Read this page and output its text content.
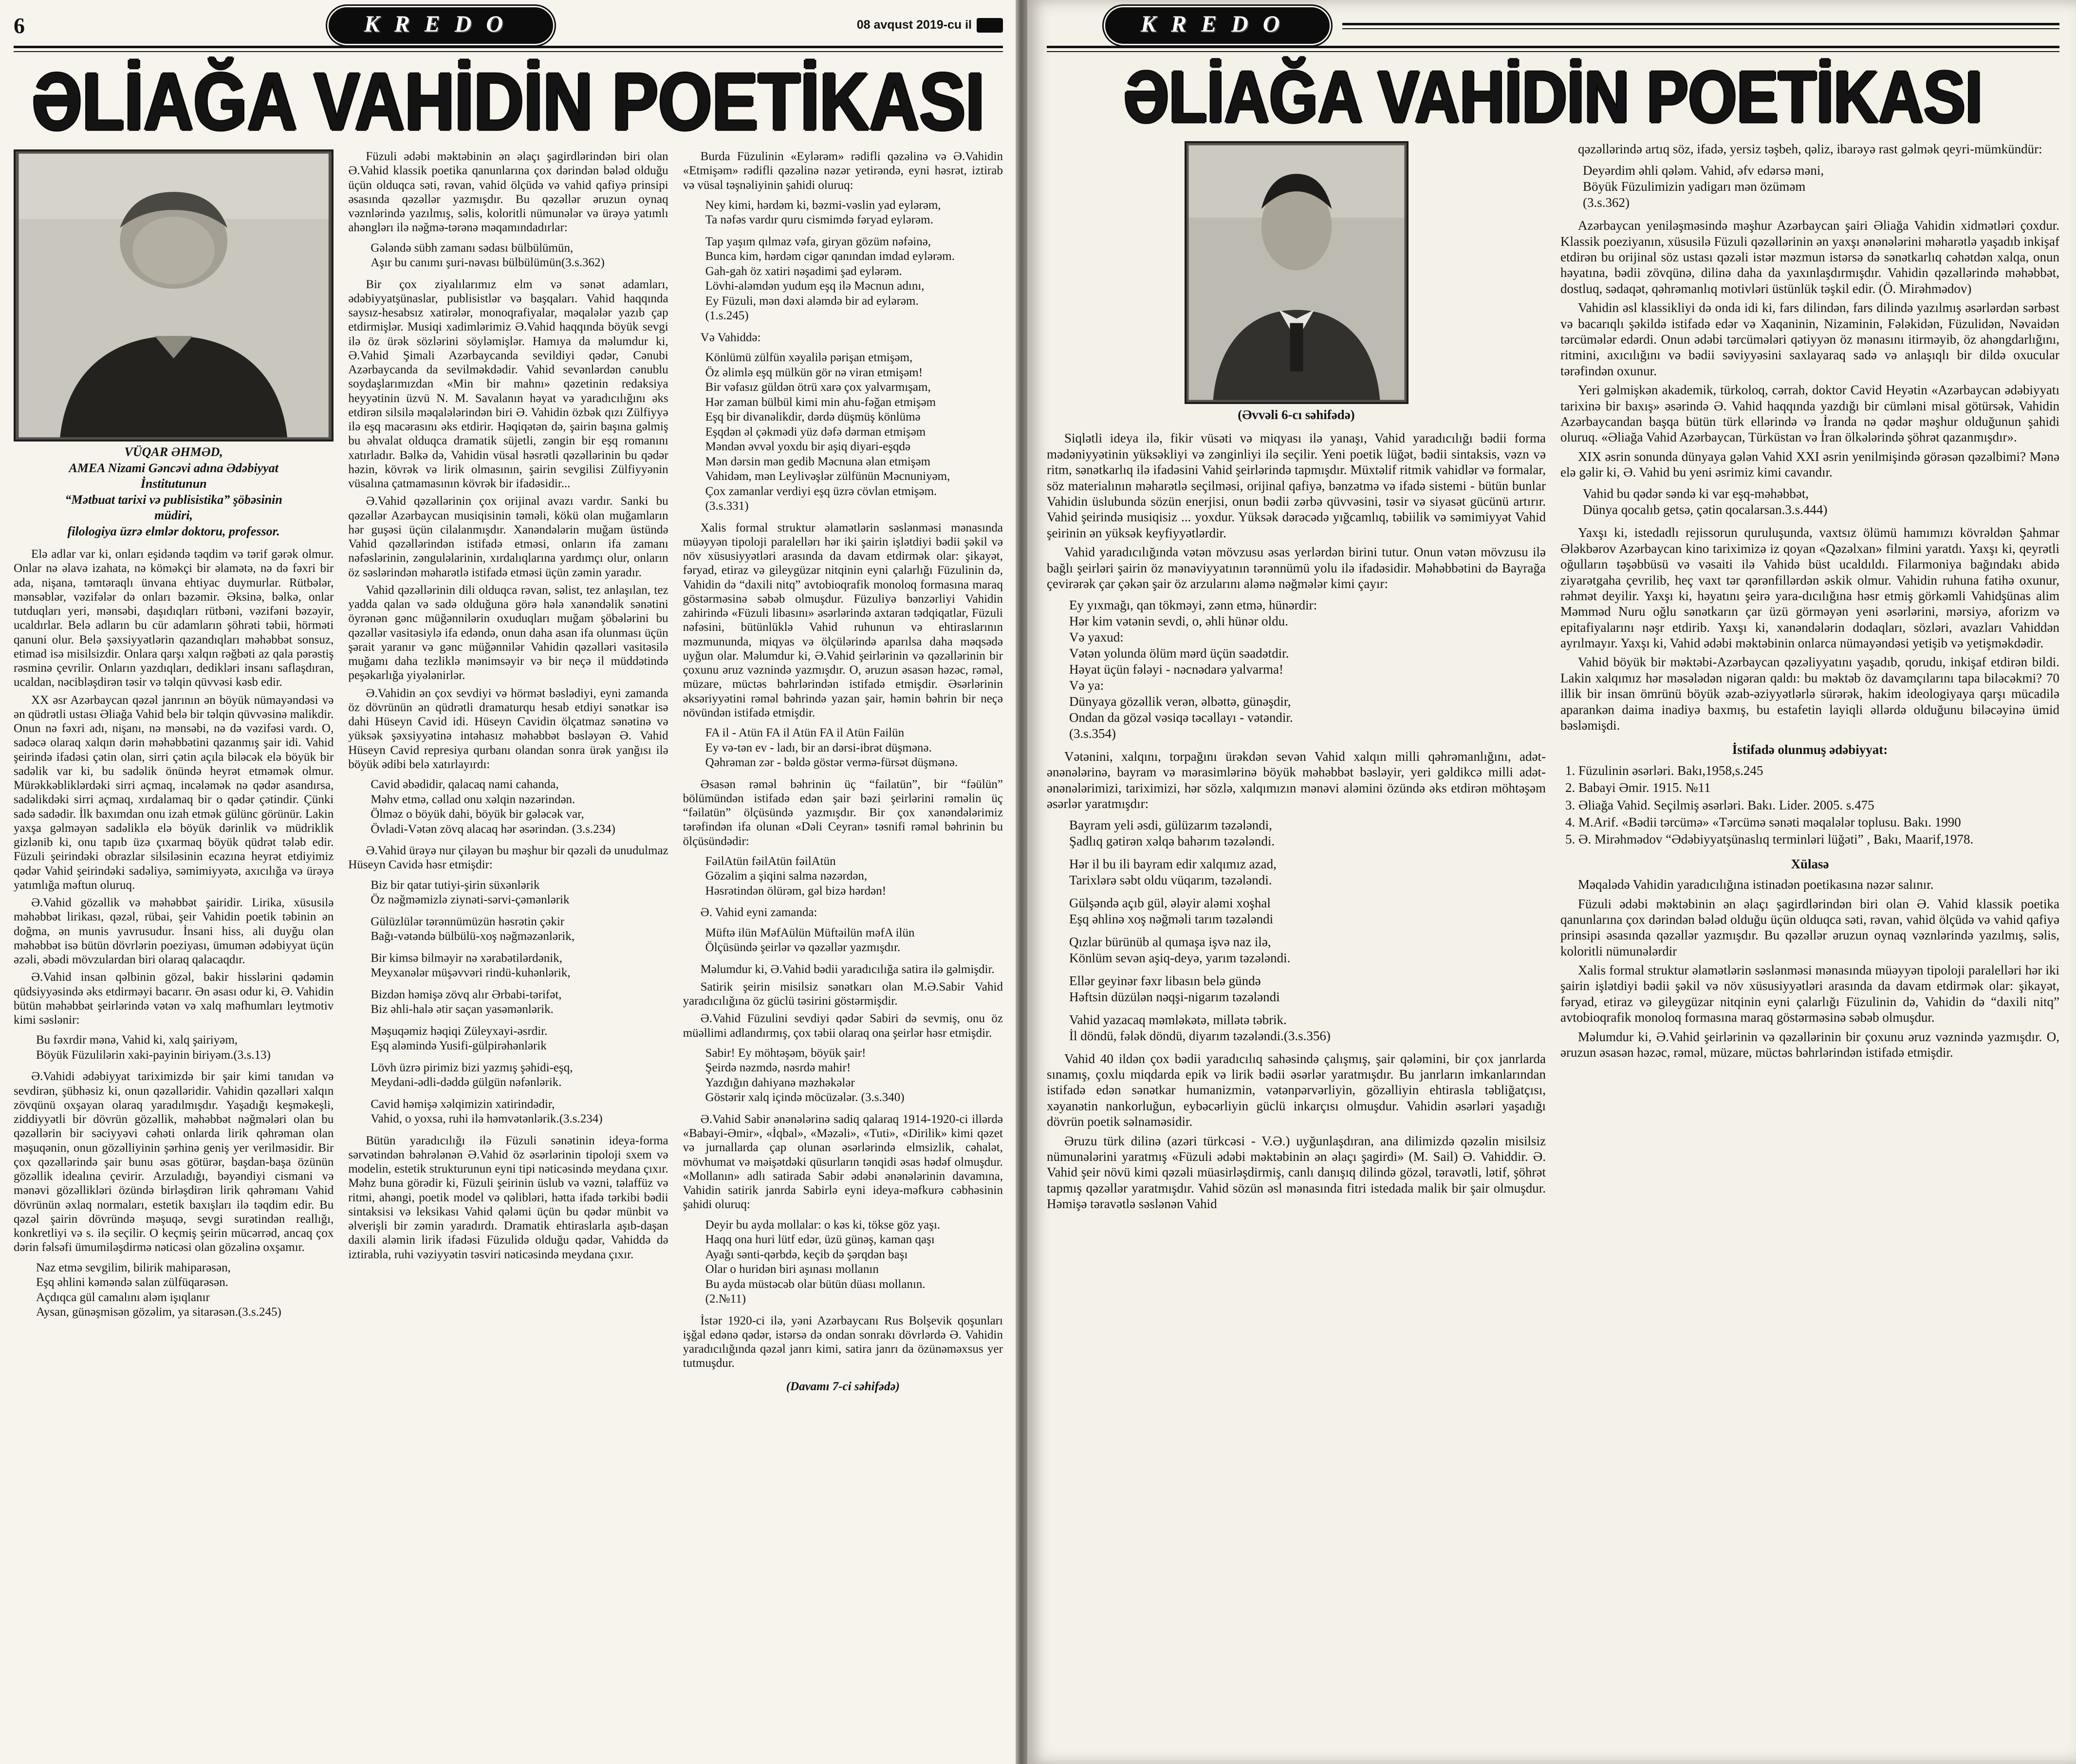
6	KREDO	08 avqust 2019-cu il
ƏLİAĞA VAHİDİN POETİKASI
VÜQAR ƏHMƏD,
AMEA Nizami Gəncəvi adına Ədəbiyyat
İnstitutunun
“Mətbuat tarixi və publisistika” şöbəsinin
müdiri,
filologiya üzrə elmlər doktoru, professor.

Elə adlar var ki, onları eşidəndə təqdim və tərif gərək olmur. Onlar nə əlavə izahata, nə köməkçi bir əlamətə, nə də fəxri bir ada, nişana, təmtəraqlı ünvana ehtiyac duymurlar. Rütbələr, mənsəblər, vəzifələr də onları bəzəmir. Əksinə, bəlkə, onlar tutduqları yeri, mənsəbi, daşıdıqları rütbəni, vəzifəni bəzəyir, ucaldırlar. Belə adların bu cür adamların şöhrəti təbii, hörməti qanuni olur. Belə şəxsiyyətlərin qazandıqları məhəbbət sonsuz, etimad isə misilsizdir. Onlara qarşı xalqın rəğbəti az qala pərəstiş rəsminə çevrilir. Onların yazdıqları, dedikləri insanı saflaşdıran, ucaldan, nəcibləşdirən təsir və təlqin qüvvəsi kəsb edir.

XX əsr Azərbaycan qəzəl janrının ən böyük nümayəndəsi və ən qüdrətli ustası Əliağa Vahid belə bir təlqin qüvvəsinə malikdir. Onun nə fəxri adı, nişanı, nə mənsəbi, nə də vəzifəsi vardı. O, sadəcə olaraq xalqın dərin məhəbbətini qazanmış şair idi. Vahid şeirində ifadəsi çətin olan, sirri çətin açıla biləcək elə böyük bir sadəlik var ki, bu sadəlik önündə heyrət etməmək olmur. Mürəkkəbliklərdəki sirri açmaq, incələmək nə qədər asandırsa, sadəlikdəki sirri açmaq, xırdalamaq bir o qədər çətindir. Çünki sadə sadədir. İlk baxımdan onu izah etmək gülünc görünür. Lakin yaxşa gəlməyən sadəliklə elə böyük dərinlik və müdriklik gizlənib ki, onu tapıb üzə çıxarmaq böyük qüdrət tələb edir. Füzuli şeirindəki obrazlar silsiləsinin ecazına heyrət etdiyimiz qədər Vahid şeirindəki sadəliyə, səmimiyyətə, axıcılığa və ürəyə yatımlığa məftun oluruq.

Ə.Vahid gözəllik və məhəbbət şairidir. Lirika, xüsusilə məhəbbət lirikası, qəzəl, rübai, şeir Vahidin poetik təbinin ən doğma, ən munis yavrusudur. İnsani hiss, ali duyğu olan məhəbbət isə bütün dövrlərin poeziyası, ümumən ədəbiyyat üçün əzəli, əbədi mövzulardan biri olaraq qalacaqdır.

Ə.Vahid insan qəlbinin gözəl, bakir hisslərini qədəmin qüdsiyyəsində əks etdirməyi bacarır. Ən əsası odur ki, Ə. Vahidin bütün məhəbbət şeirlərində vətən və xalq məfhumları leytmotiv kimi səslənir:

Bu fəxrdir mənə, Vahid ki, xalq şairiyəm,
Böyük Füzulilərin xaki-payinin biriyəm.(3.s.13)

Ə.Vahidi ədəbiyyat tariximizdə bir şair kimi tanıdan və sevdirən, şübhəsiz ki, onun qəzəlləridir. Vahidin qəzəlləri xalqın zövqünü oxşayan olaraq yaradılmışdır. Yaşadığı keşməkeşli, ziddiyyətli bir dövrün gözəllik, məhəbbət nəğmələri olan bu qəzəllərin bir səciyyəvi cəhəti onlarda lirik qəhrəman olan məşuqənin, onun gözəlliyinin şərhinə geniş yer verilməsidir. Bir çox qəzəllərində şair bunu əsas götürər, başdan-başa özünün gözəllik idealına çevirir. Arzuladığı, bəyəndiyi cismani və mənəvi gözəllikləri özündə birləşdirən lirik qəhrəmanı Vahid dövrünün əxlaq normaları, estetik baxışları ilə təqdim edir. Bu qəzəl şairin dövründə məşuqə, sevgi surətindən reallığı, konkretliyi və s. ilə seçilir. O keçmiş şeirin mücərrəd, ancaq çox dərin fəlsəfi ümumiləşdirmə nəticəsi olan gözəlinə oxşamır.

Naz etmə sevgilim, bilirik mahiparəsən,
Eşq əhlini kəməndə salan zülfüqarəsən.
Açdıqca gül camalını aləm işıqlanır
Aysan, günəşmisən gözəlim, ya sitarəsən.(3.s.245)

Füzuli ədəbi məktəbinin ən əlaçı şagirdlərindən biri olan Ə.Vahid klassik poetika qanunlarına çox dərindən bələd olduğu üçün olduqca səti, rəvan, vahid ölçüdə və vahid qafiyə prinsipi əsasında qəzəllər yazmışdır. Bu qəzəllər əruzun oynaq vəznlərində yazılmış, səlis, koloritli nümunələr və ürəyə yatımlı ahənglərı ilə nəğmə-tərənə məqamındadırlar:

Gələndə sübh zamanı sədası bülbülümün,
Aşır bu canımı şuri-nəvası bülbülümün(3.s.362)

Bir çox ziyalılarımız elm və sənət adamları, ədəbiyyatşünaslar, publisistlər və başqaları. Vahid haqqında saysız-hesabsız xatirələr, monoqrafiyalar, məqalələr yazıb çap etdirmişlər. Musiqi xadimlərimiz Ə.Vahid haqqında böyük sevgi ilə öz ürək sözlərini söyləmişlər. Hamıya da məlumdur ki, Ə.Vahid Şimali Azərbaycanda sevildiyi qədər, Cənubi Azərbaycanda da sevilməkdədir. Vahid sevənlərdən cənublu soydaşlarımızdan «Min bir mahnı» qəzetinin redaksiya heyyətinin üzvü N. M. Savalanın həyat və yaradıcılığını əks etdirən silsilə məqalələrindən biri Ə. Vahidin özbək qızı Zülfiyyə ilə eşq macərasını əks etdirir. Həqiqətən də, şairin başına gəlmiş bu əhvalat olduqca dramatik süjetli, zəngin bir eşq romanını xatırladır. Bəlkə də, Vahidin vüsal həsrətli qəzəllərinin bu qədər həzin, kövrək və lirik olmasının, şairin sevgilisi Zülfiyyənin vüsalına çatmamasının kövrək bir ifadəsidir...

Ə.Vahid qəzəllərinin çox orijinal avazı vardır. Sanki bu qəzəllər Azərbaycan musiqisinin təməli, kökü olan muğamların hər guşəsi üçün cilalanmışdır. Xanəndələrin muğam üstündə Vahid qəzəllərindən istifadə etməsi, onların ifa zamanı nəfəslərinin, zənguləlarinin, xırdalıqlarına yardımçı olur, onların öz səslərindən məharətlə istifadə etməsi üçün zəmin yaradır.

Vahid qəzəllərinin dili olduqca rəvan, səlist, tez anlaşılan, tez yadda qalan və sadə olduğuna görə hələ xanəndəlik sənətini öyrənən gənc müğənnilərin oxuduqları muğam şöbələrini bu qəzəllər vasitəsiylə ifa edəndə, onun daha asan ifa olunması üçün şərait yaranır və gənc müğənnilər Vahidin qəzəlləri vasitəsilə muğamı daha tezliklə mənimsəyir və bir neçə il müddətində peşəkarlığa yiyələnirlər.

Ə.Vahidin ən çox sevdiyi və hörmət bəslədiyi, eyni zamanda öz dövrünün ən qüdrətli dramaturqu hesab etdiyi sənətkar isə dahi Hüseyn Cavid idi. Hüseyn Cavidin ölçatmaz sənətinə və yüksək şəxsiyyətinə intəhasız məhəbbət bəsləyən Ə. Vahid Hüseyn Cavid represiya qurbanı olandan sonra ürək yanğısı ilə böyük ədibi belə xatırlayırdı:

Cavid əbədidir, qalacaq nami cahanda,
Məhv etmə, cəllad onu xəlqin nəzərindən.
Ölməz o böyük dahi, böyük bir gələcək var,
Övladi-Vətən zövq alacaq hər əsərindən. (3.s.234)

Ə.Vahid ürəyə nur çiləyən bu məşhur bir qəzəli də unudulmaz Hüseyn Cavidə həsr etmişdir:

Biz bir qatar tutiyi-şirin süxənlərik
Öz nəğməmizlə ziynəti-sərvi-çəmənlərik
Gülüzlülər tərənnümüzün həsrətin çəkir
Bağı-vətəndə bülbülü-xoş nəğməzənlərik,
Bir kimsə bilməyir nə xərabətilərdənik,
Meyxanələr müşəvvəri rindü-kuhənlərik,
Bizdən həmişə zövq alır Ərbabi-tərifət,
Biz əhli-halə ətir saçan yasəmənlərik.
Məşuqəmiz həqiqi Züleyxayi-əsrdir.
Eşq aləmində Yusifi-gülpirəhənlərik
Lövh üzrə pirimiz bizi yazmış şəhidi-eşq,
Meydani-ədli-dəddə gülgün nəfənlərik.
Cavid həmişə xəlqimizin xatirindədir,
Vahid, o yoxsa, ruhi ilə həmvətənlərik.(3.s.234)

Bütün yaradıcılığı ilə Füzuli sənətinin ideya-forma sərvətindən bəhrələnən Ə.Vahid öz əsərlərinin tipoloji sxem və modelin, estetik strukturunun eyni tipi nəticəsində meydana çıxır. Məhz buna görədir ki, Füzuli şeirinin üslub və vəzni, təlaffüz və ritmi, ahəngi, poetik model və qəlibləri, hətta ifadə tərkibi bədii sintaksisi və leksikası Vahid qələmi üçün bu qədər münbit və əlverişli bir zəmin yaradırdı. Dramatik ehtiraslarla aşıb-daşan daxili aləmin lirik ifadəsi Füzulidə olduğu qədər, Vahiddə də iztirabla, ruhi vəziyyətin təsviri nəticəsində meydana çıxır.

Burda Füzulinin «Eylərəm» rədifli qəzəlinə və Ə.Vahidin «Etmişəm» rədifli qəzəlinə nəzər yetirəndə, eyni həsrət, iztirab və vüsal təşnəliyinin şahidi oluruq:

Ney kimi, hərdəm ki, bəzmi-vəslin yad eylərəm,
Ta nəfəs vardır quru cismimdə fəryad eylərəm.
Tap yaşım qılmaz vəfa, giryan gözüm nəfəinə,
Bunca kim, hərdəm cigər qanından imdad eylərəm.
Gah-gah öz xatiri nəşadimi şad eylərəm.
Lövhi-aləmdən yudum eşq ilə Məcnun adını,
Ey Füzuli, mən dəxi aləmdə bir ad eylərəm.
(1.s.245)

Və Vahiddə:

Könlümü zülfün xəyalilə pərişan etmişəm,
Öz əlimlə eşq mülkün gör nə viran etmişəm!
Bir vəfasız güldən ötrü xarə çox yalvarmışam,
Hər zaman bülbül kimi min ahu-fəğan etmişəm
Eşq bir divanəlikdir, dərdə düşmüş könlümə
Eşqdən əl çəkmədi yüz dəfə dərman etmişəm
Məndən əvvəl yoxdu bir aşiq diyari-eşqdə
Mən dərsin mən gedib Məcnuna əlan etmişəm
Vahidəm, mən Leylivəşlər zülfünün Məcnuniyəm,
Çox zamanlar verdiyi eşq üzrə cövlan etmişəm.
(3.s.331)

Xalis formal struktur əlamətlərin səslənməsi mənasında müəyyən tipoloji paralellərı hər iki şairin işlətdiyi bədii şəkil və növ xüsusiyyətləri arasında da davam etdirmək olar: şikayət, fəryad, etiraz və gileygüzar nitqinin eyni çalarlığı Füzulinin də, Vahidin də “daxili nitq” avtobioqrafik monoloq formasına maraq göstərməsinə səbəb olmuşdur. Füzuliyə bənzərliyi Vahidin zahirində «Füzuli libasını» əsərlərində axtaran tədqiqatlar, Füzuli nəfəsini, bütünlüklə Vahid ruhunun və ehtiraslarının məzmununda, miqyas və ölçülərində aparılsa daha məqsədə uyğun olar. Məlumdur ki, Ə.Vahid şeirlərinin və qəzəllərinin bir çoxunu əruz vəznində yazmışdır. O, əruzun əsasən həzəc, rəməl, müzare, müctəs bəhrlərindən istifadə etmişdir. Əsərlərinin əksəriyyətini rəməl bəhrində yazan şair, həmin bəhrin bir neçə növündən istifadə etmişdir.

FA il - Atün FA il Atün FA il Atün Failün
Ey və-tən ev - ladı, bir an dərsi-ibrət düşmənə.
Qəhrəman zər - bəldə göstər vermə-fürsət düşmənə.

Əsasən rəməl bəhrinin üç “failatün”, bir “fəülün” bölümündən istifadə edən şair bəzi şeirlərini rəməlin üç “fəilatün” ölçüsündə yazmışdır. Bir çox xanəndələrimiz tərəfindən ifa olunan «Dəli Ceyran» təsnifi rəməl bəhrinin bu ölçüsündədir:

FəilAtün fəilAtün fəilAtün
Gözəlim a şiqini salma nəzərdən,
Həsrətindən ölürəm, gəl bizə hərdən!

Ə. Vahid eyni zamanda:

Müftə ilün MəfAülün Müftəilün məfA ilün
Ölçüsündə şeirlər və qəzəllər yazmışdır.

Məlumdur ki, Ə.Vahid bədii yaradıcılığa satira ilə gəlmişdir.

Satirik şeirin misilsiz sənətkarı olan M.Ə.Sabir Vahid yaradıcılığına öz güclü təsirini göstərmişdir.

Ə.Vahid Füzulini sevdiyi qədər Sabiri də sevmiş, onu öz müəllimi adlandırmış, çox təbii olaraq ona şeirlər həsr etmişdir.

Sabir! Ey möhtəşəm, böyük şair!
Şeirdə nəzmdə, nəsrdə mahir!
Yazdığın dahiyanə məzhəkələr
Göstərir xalq içində möcüzələr. (3.s.340)

Ə.Vahid Sabir ənənələrinə sadiq qalaraq 1914-1920-ci illərdə «Babayi-Əmir», «İqbal», «Məzəli», «Tuti», «Dirilik» kimi qəzet və jurnallarda çap olunan əsərlərində elmsizlik, cəhalət, mövhumat və məişətdəki qüsurların tənqidi əsas hədəf olmuşdur. «Mollanın» adlı satirada Sabir ədəbi ənənələrinin davamına, Vahidin satirik janrda Sabirlə eyni ideya-məfkurə cəbhəsinin şahidi oluruq:

Deyir bu ayda mollalar: o kəs ki, tökse göz yaşı.
Haqq ona huri lütf edər, üzü günəş, kaman qaşı
Ayağı sənti-qərbdə, keçib də şərqdən başı
Olar o huridən biri aşınası mollanın
Bu ayda müstəcəb olar bütün düası mollanın.
(2.№11)

İstər 1920-ci ilə, yəni Azərbaycanı Rus Bolşevik qoşunları işğal edənə qədər, istərsə də ondan sonrakı dövrlərdə Ə. Vahidin yaradıcılığında qəzəl janrı kimi, satira janrı da özünəməxsus yer tutmuşdur.

(Davamı 7-ci səhifədə)
KREDO
ƏLİAĞA VAHİDİN POETİKASI
(Əvvəli 6-cı səhifədə)

Siqlətli ideya ilə, fikir vüsəti və miqyası ilə yanaşı, Vahid yaradıcılığı bədii forma mədəniyyətinin yüksəkliyi və zənginliyi ilə seçilir. Yeni poetik lüğət, bədii sintaksis, vəzn və ritm, sənətkarlıq ilə ifadəsini Vahid şeirlərində tapmışdır. Müxtəlif ritmik vahidlər və formalar, söz materialının məharətlə seçilməsi, orijinal qafiyə, bənzətmə və ifadə sistemi - bütün bunlar Vahidin üslubunda sözün enerjisi, onun bədii zərbə qüvvəsini, təsir və siyasət gücünü artırır. Vahid şeirində musiqisiz ... yoxdur. Yüksək dərəcədə yığcamlıq, təbiilik və səmimiyyət Vahid şeirinin ən yüksək keyfiyyətlərdir.

Vahid yaradıcılığında vətən mövzusu əsas yerlərdən birini tutur. Onun vətən mövzusu ilə bağlı şeirləri şairin öz mənəviyyatının tərənnümü yolu ilə ifadəsidir. Məhəbbətini də Bayrağa çevirərək çar çəkən şair öz arzularını aləmə nəğmələr kimi çayır:

Ey yıxmağı, qan tökməyi, zənn etmə, hünərdir:
Hər kim vətənin sevdi, o, əhli hünər oldu.
Və yaxud:
Vətən yolunda ölüm mərd üçün səadətdir.
Həyat üçün fələyi - nəcnədarə yalvarma!
Və ya:
Dünyaya gözəllik verən, əlbəttə, günəşdir,
Ondan da gözəl vəsiqə təcəllayı - vətəndir.
(3.s.354)

Vətənini, xalqını, torpağını ürəkdən sevən Vahid xalqın milli qəhrəmanlığını, adət-ənənələrinə, bayram və mərasimlərinə böyük məhəbbət bəsləyir, yeri gəldikcə milli adət-ənənələrimizi, tariximizi, hər sözlə, xalqımızın mənəvi aləmini özündə əks etdirən möhtəşəm əsərlər yaratmışdır:

Bayram yeli əsdi, gülüzarım təzələndi,
Şadlıq gətirən xəlqə bahərım təzələndi.
Hər il bu ili bayram edir xalqımız azad,
Tarixlərə səbt oldu vüqarım, təzələndi.
Gülşəndə açıb gül, ələyir aləmi xoşhal
Eşq əhlinə xoş nəğməli tarım təzələndi
Qızlar bürünüb al qumaşa işvə naz ilə,
Könlüm sevən aşiq-deyə, yarım təzələndi.
Ellər geyinər fəxr libasın belə gündə
Həftsin düzülən nəqşi-nigarım təzələndi
Vahid yazacaq məmləkətə, millətə təbrik.
İl döndü, fələk döndü, diyarım təzələndi.(3.s.356)

Vahid 40 ildən çox bədii yaradıcılıq sahəsində çalışmış, şair qələmini, bir çox janrlarda sınamış, çoxlu miqdarda epik və lirik bədii əsərlər yaratmışdır. Bu janrların imkanlarından istifadə edən sənətkar humanizmin, vətənpərvərliyin, gözəlliyin ehtirasla təbliğatçısı, xəyanətin nankorluğun, eybəcərliyin güclü inkarçısı olmuşdur. Vahidin əsərləri yaşadığı dövrün poetik səlnaməsidir.

Əruzu türk dilinə (azəri türkcəsi - V.Ə.) uyğunlaşdıran, ana dilimizdə qəzəlin misilsiz nümunələrini yaratmış «Füzuli ədəbi məktəbinin ən əlaçı şagirdi» (M. Sail) Ə. Vahiddir. Ə. Vahid şeir növü kimi qəzəli müasirləşdirmiş, canlı danışıq dilində gözəl, təravətli, lətif, şöhrət tapmış qəzəllər yaratmışdır. Vahid sözün əsl mənasında fitri istedada malik bir şair olmuşdur. Həmişə təravətlə səslənən Vahid

qəzəllərində artıq söz, ifadə, yersiz təşbeh, qəliz, ibarəyə rast gəlmək qeyri-mümkündür:

Deyərdim əhli qələm. Vahid, əfv edərsə məni,
Böyük Füzulimizin yadigarı mən özüməm
(3.s.362)

Azərbaycan yeniləşməsində məşhur Azərbaycan şairi Əliağa Vahidin xidmətləri çoxdur. Klassik poeziyanın, xüsusilə Füzuli qəzəllərinin ən yaxşı ənənələrini məharətlə yaşadıb inkişaf etdirən bu orijinal söz ustası qəzəli istər məzmun istərsə də sənətkarlıq cəhətdən xalqa, onun həyatına, bədii zövqünə, dilinə daha da yaxınlaşdırmışdır. Vahidin qəzəllərində məhəbbət, dostluq, sədaqət, qəhrəmanlıq motivləri üstünlük təşkil edir. (Ö. Mirəhmədov)

Vahidin əsl klassikliyi də onda idi ki, fars dilindən, fars dilində yazılmış əsərlərdən sərbəst və bacarıqlı şəkildə istifadə edər və Xaqaninin, Nizaminin, Fələkidən, Füzulidən, Nəvaidən tərcümələr edərdi. Onun ədəbi tərcümələri qətiyyən öz mənasını itirməyib, öz ahəngdarlığını, ritmini, axıcılığını və bədii səviyyəsini saxlayaraq sadə və anlaşıqlı bir dildə oxucular tərəfindən oxunur.

Yeri gəlmişkən akademik, türkoloq, cərrah, doktor Cavid Heyətin «Azərbaycan ədəbiyyatı tarixinə bir baxış» əsərində Ə. Vahid haqqında yazdığı bir cümləni misal götürsək, Vahidin Azərbaycandan başqa bütün türk ellərində və İranda nə qədər məşhur olduğunun şahidi oluruq. «Əliağa Vahid Azərbaycan, Türküstan və İran ölkələrində şöhrət qazanmışdır».

XIX əsrin sonunda dünyaya gələn Vahid XXI əsrin yenilmişində görəsən qəzəlbimi? Mənə elə gəlir ki, Ə. Vahid bu yeni əsrimiz kimi cavandır.

Vahid bu qədər səndə ki var eşq-məhəbbət,
Dünya qocalıb getsə, çətin qocalarsan.3.s.444)

Yaxşı ki, istedadlı rejissorun quruluşunda, vaxtsız ölümü hamımızı kövrəldən Şahmar Ələkbərov Azərbaycan kino tariximizə iz qoyan «Qəzəlxan» filmini yaratdı. Yaxşı ki, qeyrətli oğulların təşəbbüsü və vəsaiti ilə Vahidə büst ucaldıldı. Filarmoniya bağındakı abidə ziyarətgaha çevrilib, heç vaxt tər qərənfillərdən əskik olmur. Vahidin ruhuna fatihə oxunur, rəhmət deyilir. Yaxşı ki, həyatını şeirə yara-dıcılığına həsr etmiş görkəmli Vahidşünas alim Məmməd Nuru oğlu sənətkarın çar üzü görməyən yeni əsərlərini, mərsiyə, aforizm və epitafiyalarını nəşr etdirib. Yaxşı ki, xanəndələrin dodaqları, sözləri, avazları Vahiddən ayrılmayır. Yaxşı ki, Vahid ədəbi məktəbinin onlarca nümayəndəsi yetişib və yetişməkdədir.

Vahid böyük bir məktəbi-Azərbaycan qəzəliyyatını yaşadıb, qorudu, inkişaf etdirən bildi. Lakin xalqımız hər məsələdən nigəran qaldı: bu məktəb öz davamçılarını tapa biləcəkmi? 70 illik bir insan ömrünü böyük əzab-əziyyətlərlə sürərək, hakim ideologiyaya qarşı mücadilə aparankən daima inadiyə baxmış, bu estafetin layiqli əllərdə olduğunu biləcəyinə ümid bəsləmişdi.

İstifadə olunmuş ədəbiyyat:
1. Füzulinin əsərləri. Bakı,1958,s.245
2. Babayi Əmir. 1915. №11
3. Əliağa Vahid. Seçilmiş əsərləri. Bakı. Lider. 2005. s.475
4. M.Arif. «Bədii tərcümə» «Tərcümə sənəti məqalələr toplusu. Bakı. 1990
5. Ə. Mirəhmədov “Ədəbiyyatşünaslıq terminləri lüğəti” , Bakı, Maarif,1978.
Xülasə

Məqalədə Vahidin yaradıcılığına istinadən poetikasına nəzər salınır.

Füzuli ədəbi məktəbinin ən əlaçı şagirdlərindən biri olan Ə. Vahid klassik poetika qanunlarına çox dərindən bələd olduğu üçün olduqca səti, rəvan, vahid ölçüdə və vahid qafiyə prinsipi əsasında qəzəllər yazmışdır. Bu qəzəllər əruzun oynaq vəznlərində yazılmış, səlis, koloritli nümunələrdir

Xalis formal struktur əlamətlərin səslənməsi mənasında müəyyən tipoloji paralelləri hər iki şairin işlətdiyi bədii şəkil və növ xüsusiyyətləri arasında da davam etdirmək olar: şikayət, fəryad, etiraz və gileygüzar nitqinin eyni çalarlığı Füzulinin də, Vahidin də “daxili nitq” avtobioqrafik monoloq formasına maraq göstərməsinə səbəb olmuşdur.

Məlumdur ki, Ə.Vahid şeirlərinin və qəzəllərinin bir çoxunu əruz vəznində yazmışdır. O, əruzun əsasən həzəc, rəməl, müzare, müctəs bəhrlərindən istifadə etmişdir.
